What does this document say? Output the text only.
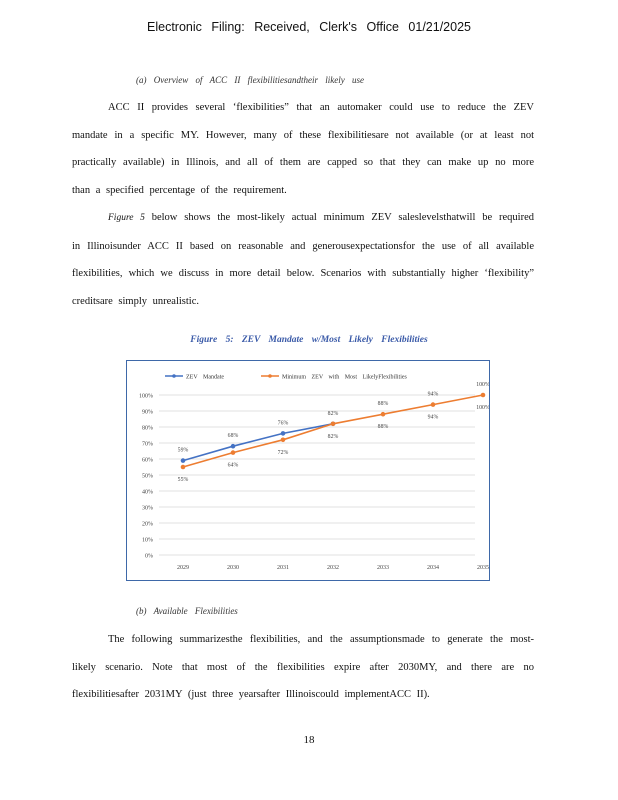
Electronic Filing: Received, Clerk's Office 01/21/2025
(a) Overview of ACC II flexibilitiesandtheir likely use

ACC II provides several ‘flexibilities” that an automaker could use to reduce the ZEV mandate in a specific MY. However, many of these flexibilitiesare not available (or at least not practically available) in Illinois, and all of them are capped so that they can make up no more than a specified percentage of the requirement.

Figure 5 below shows the most-likely actual minimum ZEV saleslevelsthatwill be required in Illinoisunder ACC II based on reasonable and generousexpectationsfor the use of all available flexibilities, which we discuss in more detail below. Scenarios with substantially higher ‘flexibility” creditsare simply unrealistic.

Figure 5: ZEV Mandate w/Most Likely Flexibilities
ZEV Mandate	Minimum ZEV with Most LikelyFlexibilities
0%
10%
20%
30%
40%
50%
60%
70%
80%
90%
100%
2029	2030	2031	2032	2033	2034	2035
59%
68%
76%
82%
55%
64%
72%
82%
88%
94%
100%
88%
94%
100%
(b) Available Flexibilities

The following summarizesthe flexibilities, and the assumptionsmade to generate the most-likely scenario. Note that most of the flexibilities expire after 2030MY, and there are no flexibilitiesafter 2031MY (just three yearsafter Illinoiscould implementACC II).

18
